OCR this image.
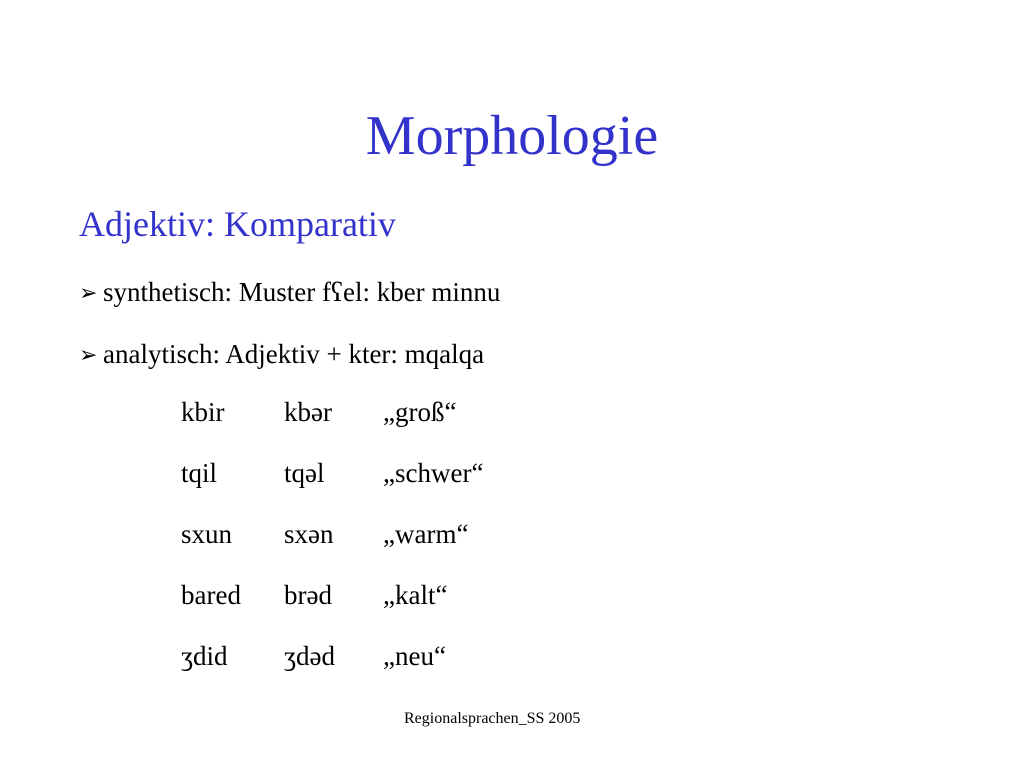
Morphologie
Adjektiv: Komparativ
➢ synthetisch: Muster fʕel: kber minnu
➢ analytisch: Adjektiv + kter: mqalqa
kbir kbər „groß“
tqil tqəl „schwer“
sxun sxən „warm“
bared brəd „kalt“
ʒdid ʒdəd „neu“
Regionalsprachen_SS 2005
